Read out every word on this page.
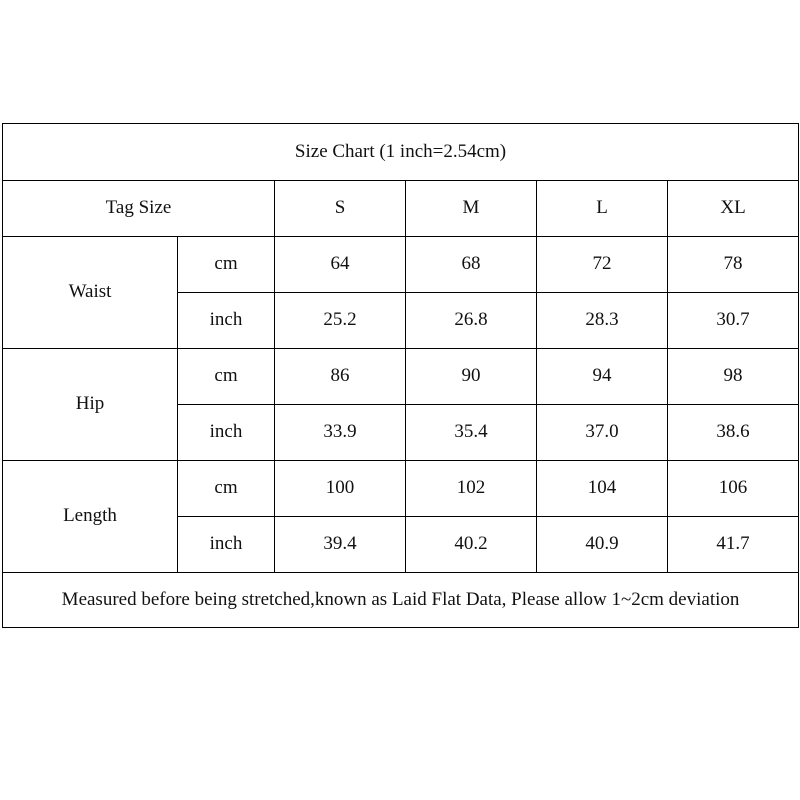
Size Chart (1 inch=2.54cm)					
Tag Size		S	M	L	XL
Waist	cm	64	68	72	78
	inch	25.2	26.8	28.3	30.7
Hip	cm	86	90	94	98
	inch	33.9	35.4	37.0	38.6
Length	cm	100	102	104	106
	inch	39.4	40.2	40.9	41.7
Measured before being stretched,known as Laid Flat Data, Please allow 1~2cm deviation					
